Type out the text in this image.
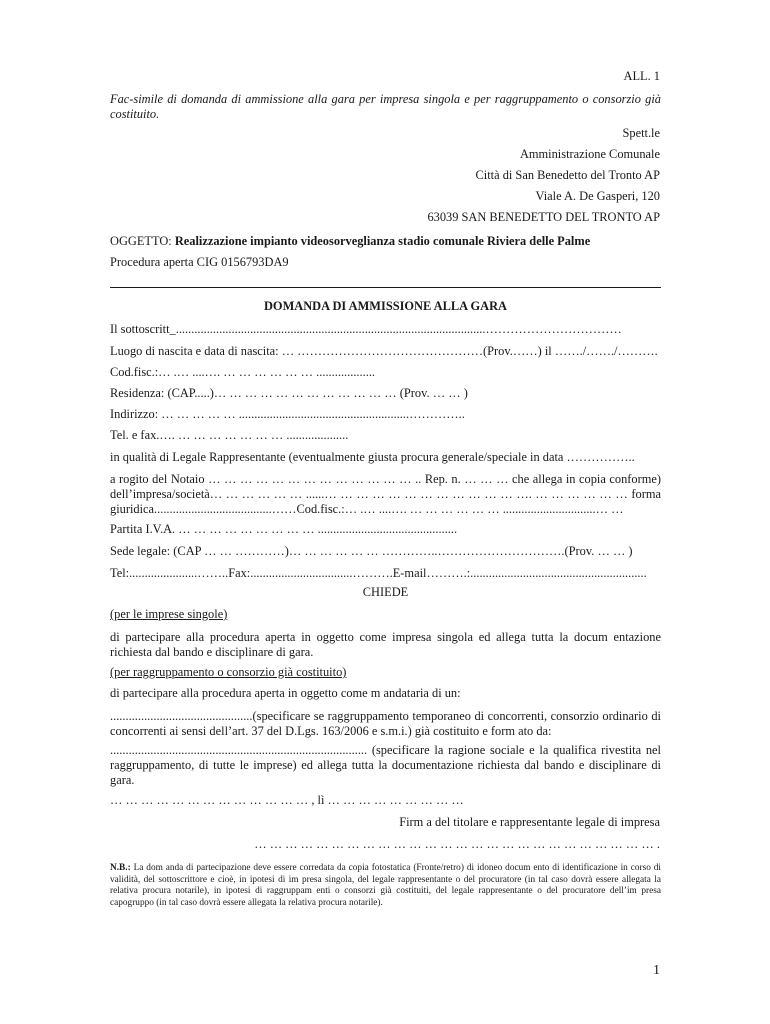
ALL. 1
Fac-simile di domanda di ammissione alla gara per impresa singola e per raggruppamento o consorzio già costituito.
Spett.le
Amministrazione Comunale
Città di San Benedetto del Tronto AP
Viale A. De Gasperi, 120
63039 SAN BENEDETTO DEL TRONTO AP
OGGETTO: Realizzazione impianto videosorveglianza stadio comunale Riviera delle Palme
Procedura aperta CIG 0156793DA9
DOMANDA DI AMMISSIONE ALLA GARA
Il sottoscritt_....................................................................................................……………………………
Luogo di nascita e data di nascita: … ………………………………………(Prov.……) il ……./……./……….
Cod.fisc.:… .… ....…. … … … … … … ...................
Residenza: (CAP.....)… … … … … … … … … … … … (Prov. … … )
Indirizzo: … … … … … .......................................................…………..
Tel. e fax.…. … … … … … … … ....................
in qualità di Legale Rappresentante (eventualmente giusta procura generale/speciale in data ……………..
a rogito del Notaio … … … … … … … … … … … … … .. Rep. n. … … … che allega in copia conforme) dell’impresa/società… … … … … … ......… … … … … … … … … … … … …. … … … … … … forma giuridica......................................……Cod.fisc.:… .… ....…. … … … … … … ..............................… …
Partita I.V.A. … … … … … … … … … .............................................
Sede legale: (CAP … … …………)… … … … … … …………..………………………….(Prov. … … )
Tel:......................……..Fax:.................................……….E-mail……….:.........................................................
CHIEDE
(per le imprese singole)
di partecipare alla procedura aperta in oggetto come impresa singola ed allega tutta la docum entazione richiesta dal bando e disciplinare di gara.
(per raggruppamento o consorzio già costituito)
di partecipare alla procedura aperta in oggetto come m andataria di un:
..............................................(specificare se raggruppamento temporaneo di concorrenti, consorzio ordinario di concorrenti ai sensi dell’art. 37 del D.Lgs. 163/2006 e s.m.i.) già costituito e form ato da:
................................................................................... (specificare la ragione sociale e la qualifica rivestita nel raggruppamento, di tutte le imprese) ed allega tutta la documentazione richiesta dal bando e disciplinare di gara.
… … … … … … … … … … … … … , lì … … … … … … … … …
Firm a del titolare e rappresentante legale di impresa
… … … … … … … … … … … … … … … … … … … … … … … … … … .
N.B.: La dom anda di partecipazione deve essere corredata da copia fotostatica (Fronte/retro) di idoneo docum ento di identificazione in corso di validità, del sottoscrittore e cioè, in ipotesi di im presa singola, del legale rappresentante o del procuratore (in tal caso dovrà essere allegata la relativa procura notarile), in ipotesi di raggruppam enti o consorzi già costituiti, del legale rappresentante o del procuratore dell’im presa capogruppo (in tal caso dovrà essere allegata la relativa procura notarile).
1
